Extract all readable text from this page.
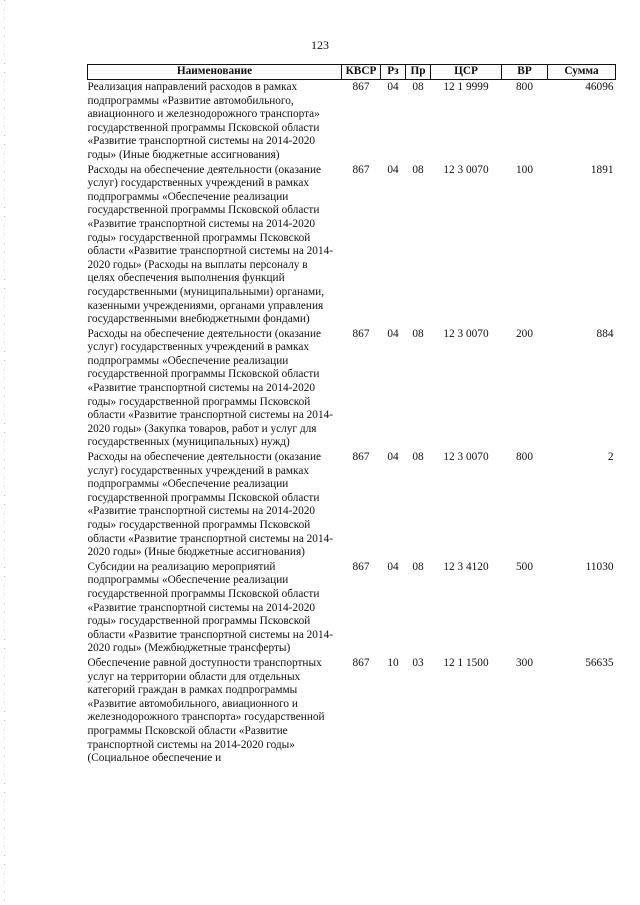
123
Наименование	КВСР	Рз	Пр	ЦСР	ВР	Сумма
Реализация направлений расходов в рамках подпрограммы «Развитие автомобильного, авиационного и железнодорожного транспорта» государственной программы Псковской области «Развитие транспортной системы на 2014-2020 годы» (Иные бюджетные ассигнования)	867	04	08	12 1 9999	800	46096
Расходы на обеспечение деятельности (оказание услуг) государственных учреждений в рамках подпрограммы «Обеспечение реализации государственной программы Псковской области «Развитие транспортной системы на 2014-2020 годы» государственной программы Псковской области «Развитие транспортной системы на 2014-2020 годы» (Расходы на выплаты персоналу в целях обеспечения выполнения функций государственными (муниципальными) органами, казенными учреждениями, органами управления государственными внебюджетными фондами)	867	04	08	12 3 0070	100	1891
Расходы на обеспечение деятельности (оказание услуг) государственных учреждений в рамках подпрограммы «Обеспечение реализации государственной программы Псковской области «Развитие транспортной системы на 2014-2020 годы» государственной программы Псковской области «Развитие транспортной системы на 2014-2020 годы» (Закупка товаров, работ и услуг для государственных (муниципальных) нужд)	867	04	08	12 3 0070	200	884
Расходы на обеспечение деятельности (оказание услуг) государственных учреждений в рамках подпрограммы «Обеспечение реализации государственной программы Псковской области «Развитие транспортной системы на 2014-2020 годы» государственной программы Псковской области «Развитие транспортной системы на 2014-2020 годы» (Иные бюджетные ассигнования)	867	04	08	12 3 0070	800	2
Субсидии на реализацию мероприятий подпрограммы «Обеспечение реализации государственной программы Псковской области «Развитие транспортной системы на 2014-2020 годы» государственной программы Псковской области «Развитие транспортной системы на 2014-2020 годы» (Межбюджетные трансферты)	867	04	08	12 3 4120	500	11030
Обеспечение равной доступности транспортных услуг на территории области для отдельных категорий граждан в рамках подпрограммы «Развитие автомобильного, авиационного и железнодорожного транспорта» государственной программы Псковской области «Развитие транспортной системы на 2014-2020 годы» (Социальное обеспечение и	867	10	03	12 1 1500	300	56635
